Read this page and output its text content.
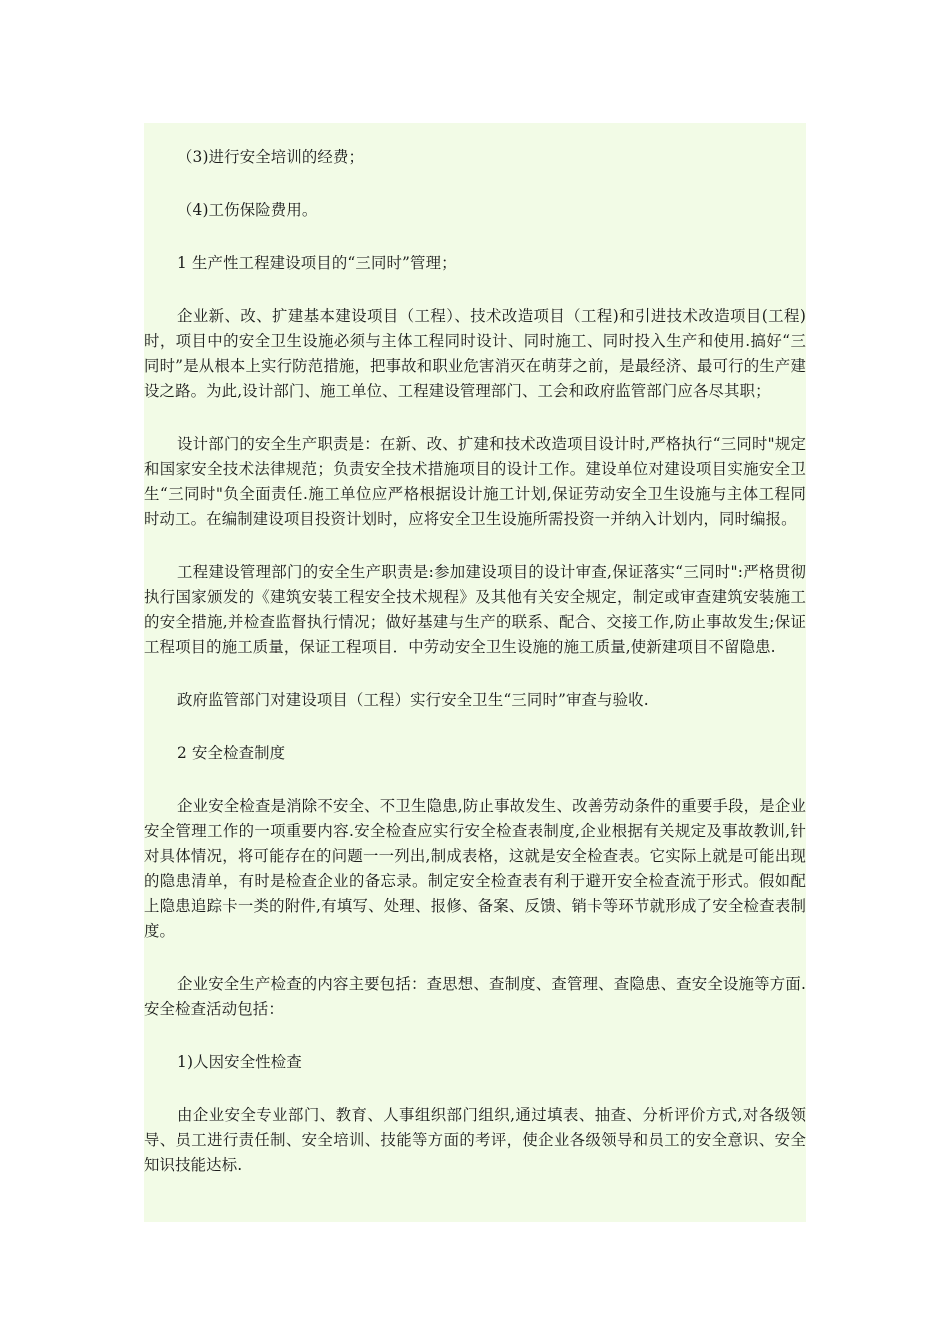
（3)进行安全培训的经费；

（4)工伤保险费用。

1 生产性工程建设项目的“三同时”管理；

企业新、改、扩建基本建设项目（工程）、技术改造项目（工程)和引进技术改造项目(工程)时，项目中的安全卫生设施必须与主体工程同时设计、同时施工、同时投入生产和使用.搞好“三同时”是从根本上实行防范措施，把事故和职业危害消灭在萌芽之前，是最经济、最可行的生产建设之路。为此,设计部门、施工单位、工程建设管理部门、工会和政府监管部门应各尽其职；

设计部门的安全生产职责是：在新、改、扩建和技术改造项目设计时,严格执行“三同时"规定和国家安全技术法律规范；负责安全技术措施项目的设计工作。建设单位对建设项目实施安全卫生“三同时"负全面责任.施工单位应严格根据设计施工计划,保证劳动安全卫生设施与主体工程同时动工。在编制建设项目投资计划时，应将安全卫生设施所需投资一并纳入计划内，同时编报。

工程建设管理部门的安全生产职责是:参加建设项目的设计审查,保证落实“三同时":严格贯彻执行国家颁发的《建筑安装工程安全技术规程》及其他有关安全规定，制定或审查建筑安装施工的安全措施,并检查监督执行情况；做好基建与生产的联系、配合、交接工作,防止事故发生;保证工程项目的施工质量，保证工程项目．中劳动安全卫生设施的施工质量,使新建项目不留隐患.

政府监管部门对建设项目（工程）实行安全卫生“三同时”审查与验收.

2 安全检查制度

企业安全检查是消除不安全、不卫生隐患,防止事故发生、改善劳动条件的重要手段，是企业安全管理工作的一项重要内容.安全检查应实行安全检查表制度,企业根据有关规定及事故教训,针对具体情况，将可能存在的问题一一列出,制成表格，这就是安全检查表。它实际上就是可能出现的隐患清单，有时是检查企业的备忘录。制定安全检查表有利于避开安全检查流于形式。假如配上隐患追踪卡一类的附件,有填写、处理、报修、备案、反馈、销卡等环节就形成了安全检查表制度。

企业安全生产检查的内容主要包括：查思想、查制度、查管理、查隐患、查安全设施等方面.安全检查活动包括：

1)人因安全性检查

由企业安全专业部门、教育、人事组织部门组织,通过填表、抽查、分析评价方式,对各级领导、员工进行责任制、安全培训、技能等方面的考评，使企业各级领导和员工的安全意识、安全知识技能达标.
